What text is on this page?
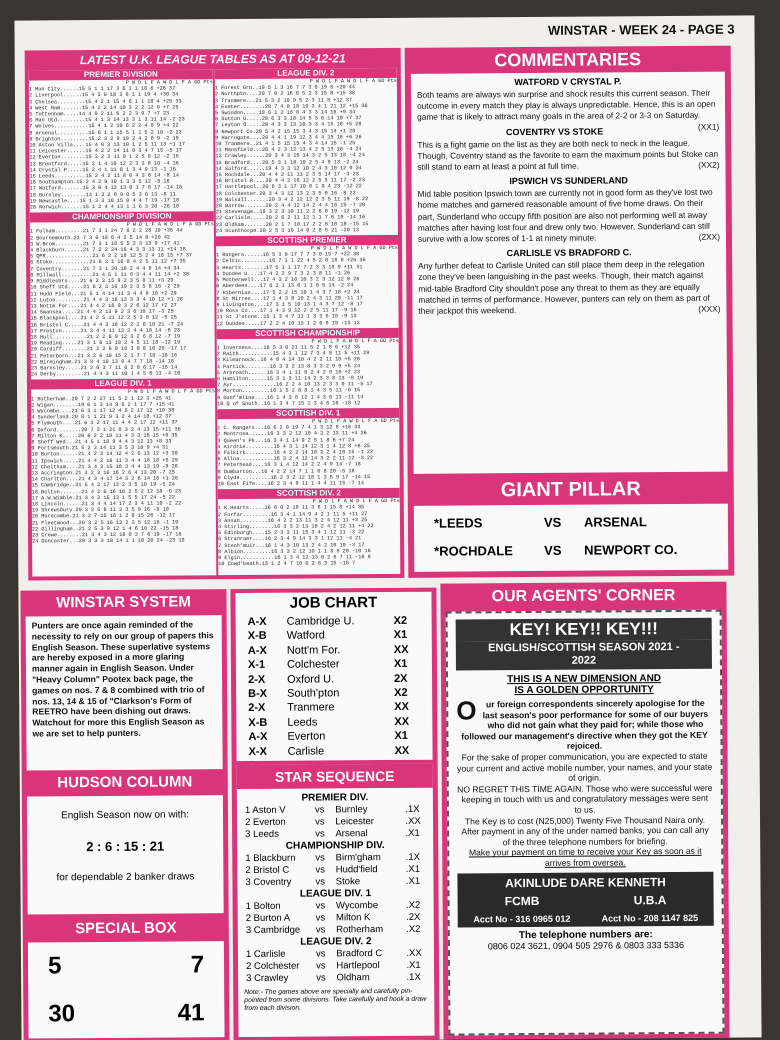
WINSTAR - WEEK 24 - PAGE 3
LATEST U.K. LEAGUE TABLES AS AT 09-12-21
PREMIER DIVISION
P W D L F A W D L F A GD Pts
1 Man City......15 5 1 1 17 3 6 1 1 18 6 +26 37
2 Liverpool......15 4 3 0 18 3 6 1 1 19 4 +30 34
3 Chelsea.........15 4 2 1 15 4 6 1 1 18 4 +25 33
4 West Ham.......15 4 2 2 14 10 3 2 2 12 9 +7 25
5 Tottenham.....14 4 0 2 11 6 2 2 3 9 7 +7 23
6 Man Utd.........15 4 1 3 14 13 3 1 3 11 14 -2 23
7 Wolves...........15 4 1 2 10 6 2 2 4 8 9 +4 22
8 Arsenal..........15 6 1 1 15 5 1 1 5 2 10 -2 23
9 Brighton.........15 2 3 2 9 10 2 4 2 8 9 -2 19
10 Aston Villa....15 4 0 3 13 10 1 2 5 11 13 +1 17
11 Leicester......15 4 2 2 14 11 0 3 4 7 15 -5 17
12 Everton........15 3 2 2 11 9 1 2 5 8 12 -2 16
13 Brentford.....15 2 1 4 10 12 2 3 3 8 10 -4 16
14 Crystal P.....15 2 4 1 11 8 1 3 4 9 13 -1 16
15 Leeds..........15 2 4 2 11 8 0 4 3 6 14 -8 14
16 Southampton.15 2 4 2 9 10 1 3 3 5 12 -8 16
17 Watford.......15 3 0 4 13 13 0 1 7 6 17 -14 10
18 Burnley........14 1 3 2 8 9 0 5 3 6 13 -8 11
19 Newcastle....15 1 3 3 10 15 0 4 4 7 19 -17 10
20 Norwich.......15 1 2 4 4 13 1 1 6 3 20 -26 10
CHAMPIONSHIP DIVISION
P W D L F A W D L F A GD Pts
1 Fulham.........21 7 3 1 24 7 6 2 2 28 10 +35 44
2 Bournemouth.21 7 3 0 19 6 4 2 5 14 8 +20 42
3 W.Brom.........21 7 3 1 18 5 5 2 3 13 9 +17 41
4 Blackburn......21 7 2 2 24 16 4 3 3 13 11 +14 38
5 QPR...............21 6 2 2 18 12 5 2 4 16 15 +7 37
6 Stoke............21 6 3 1 16 8 4 2 5 11 12 +7 35
7 Coventry.......21 7 3 1 20 10 2 4 4 8 14 +4 34
8 Millwall..........21 4 5 1 11 6 3 4 4 11 14 +2 30
9 Middlesbro....21 6 2 3 15 9 2 3 5 8 11 +3 29
10 Sheff Utd.....21 6 2 3 16 10 2 3 5 8 16 -2 29
11 Hudd Field...21 5 1 4 14 11 3 4 4 9 10 +2 29
12 Luton.........21 4 4 3 16 13 3 3 4 10 12 +1 28
13 Nottm For....21 4 4 2 16 9 3 2 6 12 17 +2 27
14 Swansea.....21 4 4 2 13 9 2 3 6 10 17 -3 25
15 Blackpool....21 4 2 5 11 12 2 5 3 8 12 -5 25
16 Bristol C.....21 4 4 3 16 12 2 2 6 10 21 -7 24
17 Preston......21 3 4 4 11 13 2 4 4 10 14 -6 23
18 Hull...........21 2 2 6 9 12 3 2 6 8 12 -7 19
19 Reading.....21 3 1 6 13 18 2 4 5 11 18 -12 19
20 Cardiff........21 2 2 6 9 16 3 0 8 10 20 -17 17
21 Peterboro...21 3 2 6 10 15 2 1 7 7 18 -16 16
22 Birmingham.21 3 3 4 10 13 0 4 7 7 18 -14 16
23 Barnsley.....21 2 6 3 7 11 0 2 8 6 17 -15 14
24 Derby.........21 4 4 3 11 10 1 4 5 8 13 -4 10
LEAGUE DIV. 1
P W D L F A W D L F A GD Pts
1 Rotherham..20 7 2 2 27 11 5 2 1 12 3 +25 41
2 Wigan........19 6 1 3 14 9 6 2 1 17 7 +15 41
3 Wycombe....21 6 3 1 17 12 4 5 2 17 12 +10 38
4 Sunderland.20 8 1 1 21 9 3 2 4 14 18 +12 37
5 Plymouth....21 6 3 2 17 11 4 4 2 17 12 +11 37
6 Oxford........20 7 3 1 21 8 3 2 4 13 15 +11 36
7 Milton K.....20 6 2 2 18 11 4 3 3 16 15 +8 35
8 Sheff Wed...21 4 5 1 18 9 4 4 3 12 13 +8 33
9 Portsmouth.21 5 2 3 14 11 3 5 3 10 9 +4 31
10 Burton......21 4 2 3 14 12 4 2 6 13 12 +3 30
11 Ipswich.....21 4 4 2 16 11 3 4 4 18 18 +5 29
12 Cheltham....21 3 4 3 15 18 3 4 4 13 19 -9 26
13 Accrington.21 4 2 3 16 16 2 6 4 13 20 -7 25
14 Charlton....21 4 3 4 17 14 3 2 6 14 16 +1 26
15 Cambridge..21 5 4 2 17 13 2 3 5 10 19 -5 24
16 Bolton.......21 4 2 6 16 16 2 5 2 12 18 -6 23
17 A.W.Wimble.21 3 4 2 15 13 1 5 5 17 24 -5 22
18 Lincoln......21 3 4 4 14 17 2 3 4 11 10 -2 22
19 Shrewsbury.20 3 2 5 8 11 3 3 5 9 16 -8 19
20 Morecambe.21 3 2 7 15 16 1 2 8 15 26 -12 17
21 Fleetwood...20 3 2 5 16 13 2 3 5 12 16 -1 19
22 Gillingham..21 2 5 3 9 12 1 4 6 10 22 -15 18
23 Crewe........21 3 4 3 12 16 0 3 7 6 19 -17 16
24 Doncaster...20 3 3 3 10 14 1 1 10 20 24 -23 13
LEAGUE DIV. 2
P W D L F A W D L F A GD Pts
1 Forest Grn..19 5 1 3 16 7 7 3 0 19 8 +20 44
2 Northptn....20 7 0 2 16 6 5 2 3 15 8 +15 38
3 Tranmere...21 5 3 2 18 9 5 2 3 11 8 +12 37
4 Exeter........20 7 4 0 18 10 3 4 1 21 12 +15 36
5 Swindon.....18 6 1 2 16 8 4 3 3 14 16 +9 34
6 Sutton U.....20 6 3 3 18 14 5 3 0 14 10 +7 37
7 Leyton O.....20 4 3 3 13 10 3 3 4 15 16 +5 28
8 Newport Co.20 5 4 2 15 15 3 4 3 15 14 +1 28
9 Harrogate....20 4 4 1 19 12 3 4 4 15 16 +6 26
10 Tranmere..21 4 1 5 15 15 4 3 4 14 15 -1 25
11 Mansfield...20 4 2 3 12 13 4 2 5 13 16 -4 24
12 Crawley......20 3 4 3 15 14 3 2 5 13 18 -4 24
13 Bradford....20 5 3 1 16 10 2 5 4 9 13 -2 24
14 Salford......19 4 3 3 12 10 2 4 3 10 12 0 24
15 Rochdale...20 4 4 2 11 11 2 3 5 14 17 -3 23
16 Bristol R....20 4 4 2 16 12 2 5 3 11 17 -2 23
17 Hartlepool..20 6 3 1 17 10 0 1 9 4 23 -12 22
18 Colchester.20 3 4 3 12 13 2 3 5 9 16 -8 22
19 Walsall.......20 3 4 2 12 12 2 3 5 11 19 -8 22
20 Barrow.......20 2 4 4 12 14 2 4 4 10 15 -7 20
21 Stevenage..19 3 2 3 10 11 2 2 6 8 19 -12 19
22 Carlisle.....20 2 6 2 11 12 1 1 7 6 19 -14 16
23 Oldham.......20 2 1 7 10 17 2 2 6 10 18 -15 15
24 Scunthorpe.20 2 5 3 10 14 0 2 8 5 21 -20 13
SCOTTISH PREMIER
P W D L F A W D L F A GD Pts
1 Rangers......16 5 3 0 17 7 7 3 0 15 7 +22 38
2 Celtic.........16 7 1 1 22 4 5 2 0 16 8 +26 36
3 Hearts........17 5 1 1 17 7 2 3 3 10 9 +11 31
4 Dundee U....17 4 2 2 9 7 3 2 3 8 11 -1 26
5 Motherwell...17 4 3 2 10 10 3 2 3 12 12 0 26
6 Aberdeen....17 6 2 1 13 6 1 1 6 5 14 -2 24
7 Hibernian....17 5 2 2 15 10 1 4 3 7 10 +2 24
8 St Mirren....17 1 4 3 8 10 2 4 3 11 20 -11 17
9 Livingston....17 3 1 5 10 13 1 4 3 7 12 -8 17
10 Ross Co....17 1 4 3 9 12 2 2 5 11 17 -9 15
11 St J'stone..15 1 3 4 7 11 1 3 3 5 10 -9 13
12 Dundee.....17 2 2 4 10 13 1 2 6 9 19 -13 13
SCOTTISH CHAMPIONSHIP
P W D L F A W D L F A GD Pts
1 Inverness....16 5 3 0 21 11 5 2 1 8 6 +12 35
2 Raith...........15 4 3 1 12 7 3 4 0 11 5 +11 28
3 Kilmarnock..16 4 0 4 14 10 4 2 2 11 10 +5 26
4 Partick........16 3 3 2 13 8 3 3 2 9 9 +5 24
5 Arbroath......16 3 4 1 11 8 2 4 2 9 10 +2 23
6 Hamilton......15 3 1 3 11 14 2 3 3 8 13 -8 19
7 Ayr..............16 2 2 4 10 13 2 3 3 9 11 -5 17
8 Morton.........16 1 5 2 8 8 1 4 3 5 11 -6 15
9 Dunf'mline....16 1 4 3 8 12 1 4 3 6 13 -11 14
10 Q of South..16 1 3 4 7 15 1 3 4 6 16 -18 12
SCOTTISH DIV. 1
P W D L F A W D L F A GD Pts
1 C. Rangers...16 6 2 0 19 7 4 1 3 12 8 +16 33
2 Montrose......16 3 3 2 12 10 4 2 2 13 11 +4 26
3 Queen's Pk...16 3 4 1 14 9 2 5 1 8 6 +7 24
4 Airdrie.........16 4 3 1 14 12 3 1 4 12 8 +6 25
5 Falkirk.........16 4 2 2 14 10 2 2 4 10 15 -1 22
6 Alloa...........16 3 2 4 12 14 3 2 2 11 12 -3 22
7 Peterhead....16 3 1 4 12 14 2 2 4 9 14 -7 18
8 Dumbarton...16 4 2 2 14 7 1 1 6 8 20 -5 18
9 Clyde..........16 2 3 2 12 18 1 3 5 9 17 -14 15
10 East Fife....16 2 3 4 8 11 1 4 4 11 15 -7 14
SCOTTISH DIV. 2
P W D L F A W D L F A GD Pts
1 K.Hearts.....16 6 0 2 18 11 3 6 1 15 8 +14 35
2 Forfar.........16 3 4 1 14 9 4 2 1 11 5 +11 27
3 Annan.........16 4 2 2 13 11 3 2 4 12 11 +3 25
4 Stirling........16 3 3 2 13 10 2 4 2 12 11 +4 22
5 Edinburgh....15 2 3 3 11 15 3 4 1 12 11 -3 22
6 Stranraer....16 2 3 4 9 14 3 3 1 12 11 -4 21
7 Stenh'muir...16 1 4 3 10 13 2 4 2 10 10 -3 17
8 Albion.........16 3 3 2 12 10 1 1 8 8 20 -10 16
9 Elgin...........16 1 3 4 12 13 0 2 6 7 11 -10 9
10 Cowd'beath.15 1 2 4 7 10 0 2 6 3 15 -15 7
COMMENTARIES
WATFORD V CRYSTAL P.

Both teams are always win surprise and shock results this current season. Their outcome in every match they play is always unpredictable. Hence, this is an open game that is likely to attract many goals in the area of 2-2 or 3-3 on Saturday.
(XX1)

COVENTRY VS STOKE

This is a fight game on the list as they are both neck to neck in the league. Though, Coventry stand as the favorite to earn the maximum points but Stoke can still stand to earn at least a point at full time.	(XX2)

IPSWICH VS SUNDERLAND

Mid table position Ipswich town are currently not in good form as they've lost two home matches and garnered reasonable amount of five home draws. On their part, Sunderland who occupy fifth position are also not performing well at away matches after having lost four and drew only two. However, Sunderland can still survive with a low scores of 1-1 at ninety minute.	(2XX)

CARLISLE VS BRADFORD C.

Any further defeat to Carlisle United can still place them deep in the relegation zone they've been languishing in the past weeks. Though, their match against mid-table Bradford City shouldn't pose any threat to them as they are equally matched in terms of performance. However, punters can rely on them as part of their jackpot this weekend.	(XXX)

GIANT PILLAR
*LEEDS	VS	ARSENAL
*ROCHDALE	VS	NEWPORT CO.
WINSTAR SYSTEM

Punters are once again reminded of the necessity to rely on our group of papers this English Season. These superlative systems are hereby exposed in a more glaring manner again in English Season. Under "Heavy Column" Pootex back page, the games on nos. 7 & 8 combined with trio of nos. 13, 14 & 15 of "Clarkson's Form of REETRO have been dishing out draws. Watchout for more this English Season as we are set to help punters.

HUDSON COLUMN
English Season now on with:
2 : 6 : 15 : 21
for dependable 2 banker draws
SPECIAL BOX
5	7
30	41
JOB CHART
A-X	Cambridge U.	X2
X-B	Watford	X1
A-X	Nott'm For.	XX
X-1	Colchester	X1
2-X	Oxford U.	2X
B-X	South'pton	X2
2-X	Tranmere	XX
X-B	Leeds	XX
A-X	Everton	X1
X-X	Carlisle	XX
STAR SEQUENCE
PREMIER DIV.
1 Aston V	vs	Burnley	.1X
2 Everton	vs	Leicester	.XX
3 Leeds	vs	Arsenal	.X1
CHAMPIONSHIP DIV.
1 Blackburn	vs	Birm'gham	.1X
2 Bristol C	vs	Hudd'field	.X1
3 Coventry	vs	Stoke	.X1
LEAGUE DIV. 1
1 Bolton	vs	Wycombe	.X2
2 Burton A	vs	Milton K	.2X
3 Cambridge	vs	Rotherham	.X2
LEAGUE DIV. 2
1 Carlisle	vs	Bradford C	.XX
2 Colchester	vs	Hartlepool	.X1
3 Crawley	vs	Oldham	.1X

Note:- The games above are specially and carefully pin-pointed from some divisions. Take carefully and hook a draw from each division.

OUR AGENTS' CORNER
KEY! KEY!! KEY!!!
ENGLISH/SCOTTISH SEASON 2021 - 2022
THIS IS A NEW DIMENSION AND
IS A GOLDEN OPPORTUNITY

O ur foreign correspondents sincerely apologise for the last season's poor performance for some of our buyers who did not gain what they paid for; while those who followed our management's directive when they got the KEY rejoiced.

For the sake of proper communication, you are expected to state your current and active mobile number, your names, and your state of origin.

NO REGRET THIS TIME AGAIN. Those who were successful were keeping in touch with us and congratulatory messages were sent to us.

The Key is to cost (N25,000) Twenty Five Thousand Naira only. After payment in any of the under named banks, you can call any of the three telephone numbers for briefing.

Make your payment on time to receive your Key as soon as it arrives from oversea.

AKINLUDE DARE KENNETH
FCMB	U.B.A
Acct No - 316 0965 012	Acct No - 208 1147 825
The telephone numbers are:
0806 024 3621, 0904 505 2976 & 0803 333 5336
